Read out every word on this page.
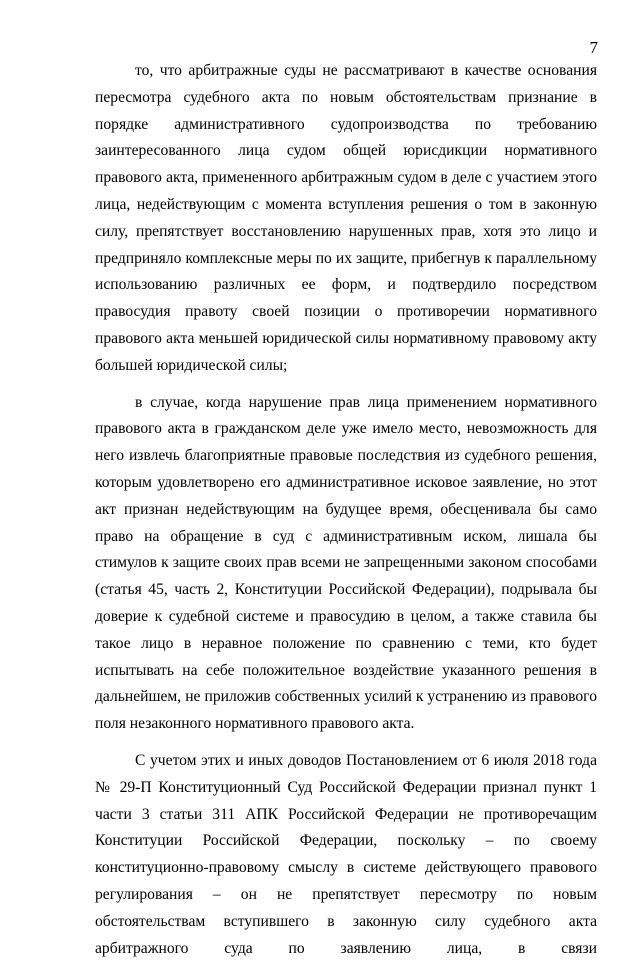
7

то, что арбитражные суды не рассматривают в качестве основания пересмотра судебного акта по новым обстоятельствам признание в порядке административного судопроизводства по требованию заинтересованного лица судом общей юрисдикции нормативного правового акта, примененного арбитражным судом в деле с участием этого лица, недействующим с момента вступления решения о том в законную силу, препятствует восстановлению нарушенных прав, хотя это лицо и предприняло комплексные меры по их защите, прибегнув к параллельному использованию различных ее форм, и подтвердило посредством правосудия правоту своей позиции о противоречии нормативного правового акта меньшей юридической силы нормативному правовому акту большей юридической силы;

в случае, когда нарушение прав лица применением нормативного правового акта в гражданском деле уже имело место, невозможность для него извлечь благоприятные правовые последствия из судебного решения, которым удовлетворено его административное исковое заявление, но этот акт признан недействующим на будущее время, обесценивала бы само право на обращение в суд с административным иском, лишала бы стимулов к защите своих прав всеми не запрещенными законом способами (статья 45, часть 2, Конституции Российской Федерации), подрывала бы доверие к судебной системе и правосудию в целом, а также ставила бы такое лицо в неравное положение по сравнению с теми, кто будет испытывать на себе положительное воздействие указанного решения в дальнейшем, не приложив собственных усилий к устранению из правового поля незаконного нормативного правового акта.

С учетом этих и иных доводов Постановлением от 6 июля 2018 года № 29-П Конституционный Суд Российской Федерации признал пункт 1 части 3 статьи 311 АПК Российской Федерации не противоречащим Конституции Российской Федерации, поскольку – по своему конституционно-правовому смыслу в системе действующего правового регулирования – он не препятствует пересмотру по новым обстоятельствам вступившего в законную силу судебного акта арбитражного суда по заявлению лица, в связи
